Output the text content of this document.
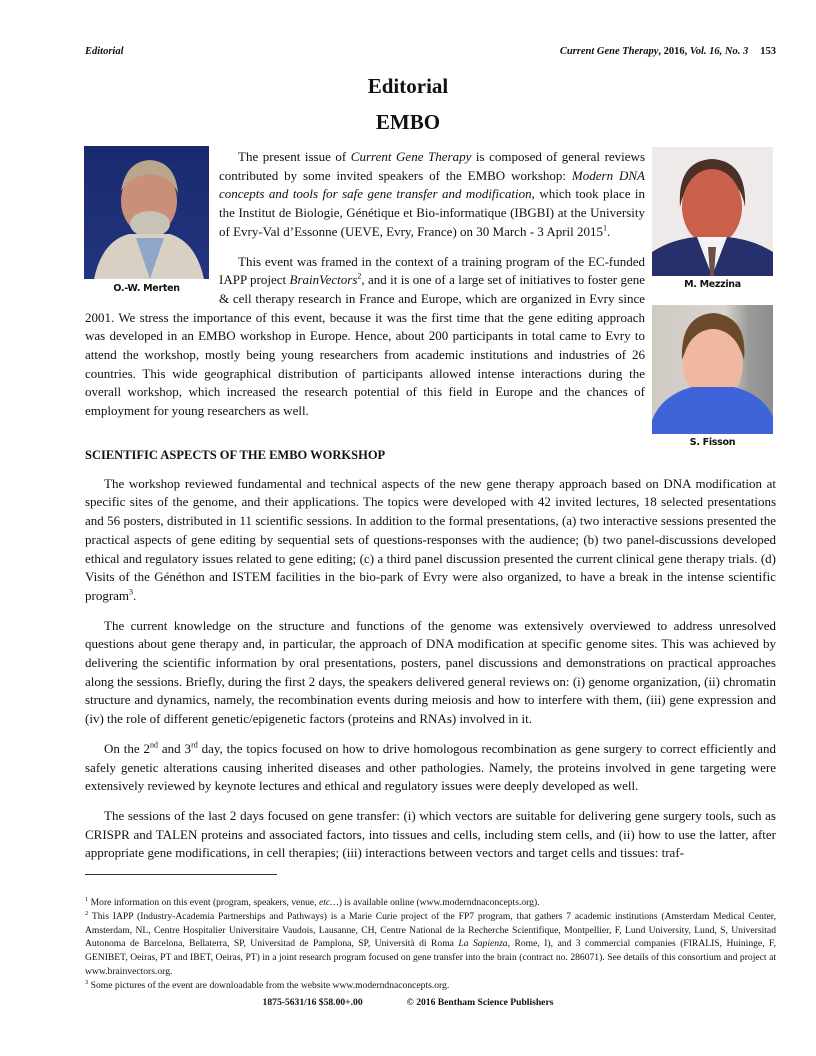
Editorial	Current Gene Therapy, 2016, Vol. 16, No. 3 153
Editorial
EMBO
O.-W. Merten	M. Mezzina
S. Fisson

The present issue of Current Gene Therapy is composed of general reviews contributed by some invited speakers of the EMBO workshop: Modern DNA concepts and tools for safe gene transfer and modification, which took place in the Institut de Biologie, Génétique et Bio-informatique (IBGBI) at the University of Evry-Val d’Essonne (UEVE, Evry, France) on 30 March - 3 April 2015$^1$.

This event was framed in the context of a training program of the EC-funded IAPP project BrainVectors$^2$, and it is one of a large set of initiatives to foster gene & cell therapy research in France and Europe, which are organized in Evry since 2001. We stress the importance of this event, because it was the first time that the gene editing approach was developed in an EMBO workshop in Europe. Hence, about 200 participants in total came to Evry to attend the workshop, mostly being young researchers from academic institutions and industries of 26 countries. This wide geographical distribution of participants allowed intense interactions during the overall workshop, which increased the research potential of this field in Europe and the chances of employment for young researchers as well.

SCIENTIFIC ASPECTS OF THE EMBO WORKSHOP

The workshop reviewed fundamental and technical aspects of the new gene therapy approach based on DNA modification at specific sites of the genome, and their applications. The topics were developed with 42 invited lectures, 18 selected presentations and 56 posters, distributed in 11 scientific sessions. In addition to the formal presentations, (a) two interactive sessions presented the practical aspects of gene editing by sequential sets of questions-responses with the audience; (b) two panel-discussions developed ethical and regulatory issues related to gene editing; (c) a third panel discussion presented the current clinical gene therapy trials. (d) Visits of the Généthon and ISTEM facilities in the bio-park of Evry were also organized, to have a break in the intense scientific program$^3$.

The current knowledge on the structure and functions of the genome was extensively overviewed to address unresolved questions about gene therapy and, in particular, the approach of DNA modification at specific genome sites. This was achieved by delivering the scientific information by oral presentations, posters, panel discussions and demonstrations on practical approaches along the sessions. Briefly, during the first 2 days, the speakers delivered general reviews on: (i) genome organization, (ii) chromatin structure and dynamics, namely, the recombination events during meiosis and how to interfere with them, (iii) gene expression and (iv) the role of different genetic/epigenetic factors (proteins and RNAs) involved in it.

On the 2nd and 3rd day, the topics focused on how to drive homologous recombination as gene surgery to correct efficiently and safely genetic alterations causing inherited diseases and other pathologies. Namely, the proteins involved in gene targeting were extensively reviewed by keynote lectures and ethical and regulatory issues were deeply developed as well.

The sessions of the last 2 days focused on gene transfer: (i) which vectors are suitable for delivering gene surgery tools, such as CRISPR and TALEN proteins and associated factors, into tissues and cells, including stem cells, and (ii) how to use the latter, after appropriate gene modifications, in cell therapies; (iii) interactions between vectors and target cells and tissues: traf-

$^1$ More information on this event (program, speakers, venue, etc…) is available online (www.moderndnaconcepts.org).
$^2$ This IAPP (Industry-Academia Partnerships and Pathways) is a Marie Curie project of the FP7 program, that gathers 7 academic institutions (Amsterdam Medical Center, Amsterdam, NL, Centre Hospitalier Universitaire Vaudois, Lausanne, CH, Centre National de la Recherche Scientifique, Montpellier, F, Lund University, Lund, S, Universitad Autonoma de Barcelona, Bellaterra, SP, Universitad de Pamplona, SP, Università di Roma La Sapienza, Rome, I), and 3 commercial companies (FIRALIS, Huininge, F, GENIBET, Oeiras, PT and IBET, Oeiras, PT) in a joint research program focused on gene transfer into the brain (contract no. 286071). See details of this consortium and project at www.brainvectors.org.
$^3$ Some pictures of the event are downloadable from the website www.moderndnaconcepts.org.
1875-5631/16 $58.00+.00	© 2016 Bentham Science Publishers
